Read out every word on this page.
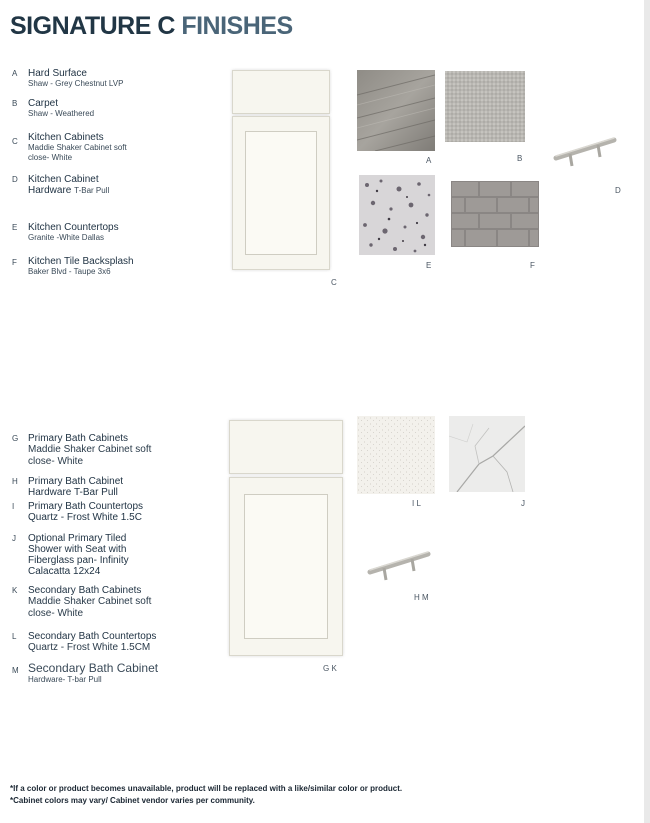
SIGNATURE C FINISHES
A Hard Surface
Shaw - Grey Chestnut LVP
B Carpet
Shaw - Weathered
C Kitchen Cabinets
Maddie Shaker Cabinet soft
close- White
D Kitchen Cabinet
Hardware T-Bar Pull
E Kitchen Countertops
Granite -White Dallas
F Kitchen Tile Backsplash
Baker Blvd - Taupe 3x6
G Primary Bath Cabinets
Maddie Shaker Cabinet soft
close- White
H Primary Bath Cabinet
Hardware T-Bar Pull
I Primary Bath Countertops
Quartz - Frost White 1.5C
J Optional Primary Tiled
Shower with Seat with
Fiberglass pan- Infinity
Calacatta 12x24
K Secondary Bath Cabinets
Maddie Shaker Cabinet soft
close- White
L Secondary Bath Countertops
Quartz - Frost White 1.5CM
M Secondary Bath Cabinet
Hardware- T-bar Pull
C
A	B
D
E	F
G K
I L	J
H M
*If a color or product becomes unavailable, product will be replaced with a like/similar color or product.
*Cabinet colors may vary/ Cabinet vendor varies per community.
